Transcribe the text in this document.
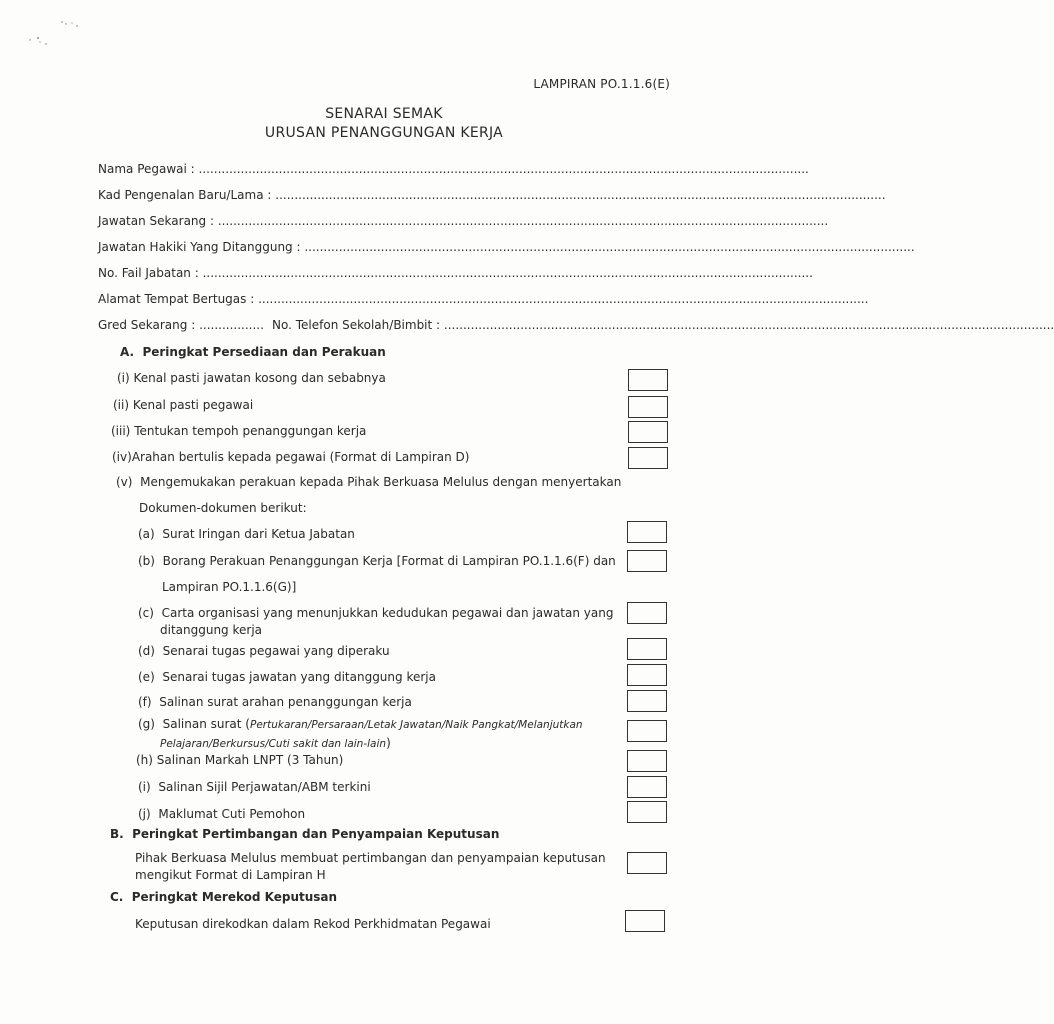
LAMPIRAN PO.1.1.6(E)
SENARAI SEMAK
URUSAN PENANGGUNGAN KERJA
Nama Pegawai : ................................................................................................................................................................
Kad Pengenalan Baru/Lama : ................................................................................................................................................................
Jawatan Sekarang : ................................................................................................................................................................
Jawatan Hakiki Yang Ditanggung : ................................................................................................................................................................
No. Fail Jabatan : ................................................................................................................................................................
Alamat Tempat Bertugas : ................................................................................................................................................................
Gred Sekarang : ................. No. Telefon Sekolah/Bimbit : ................................................................................................................................................................
A. Peringkat Persediaan dan Perakuan
(i) Kenal pasti jawatan kosong dan sebabnya
(ii) Kenal pasti pegawai
(iii) Tentukan tempoh penanggungan kerja
(iv)Arahan bertulis kepada pegawai (Format di Lampiran D)
(v) Mengemukakan perakuan kepada Pihak Berkuasa Melulus dengan menyertakan
Dokumen-dokumen berikut:
(a) Surat Iringan dari Ketua Jabatan
(b) Borang Perakuan Penanggungan Kerja [Format di Lampiran PO.1.1.6(F) dan
Lampiran PO.1.1.6(G)]
(c) Carta organisasi yang menunjukkan kedudukan pegawai dan jawatan yang
ditanggung kerja
(d) Senarai tugas pegawai yang diperaku
(e) Senarai tugas jawatan yang ditanggung kerja
(f) Salinan surat arahan penanggungan kerja
(g) Salinan surat (Pertukaran/Persaraan/Letak Jawatan/Naik Pangkat/Melanjutkan
Pelajaran/Berkursus/Cuti sakit dan lain-lain)
(h) Salinan Markah LNPT (3 Tahun)
(i) Salinan Sijil Perjawatan/ABM terkini
(j) Maklumat Cuti Pemohon
B. Peringkat Pertimbangan dan Penyampaian Keputusan
Pihak Berkuasa Melulus membuat pertimbangan dan penyampaian keputusan
mengikut Format di Lampiran H
C. Peringkat Merekod Keputusan
Keputusan direkodkan dalam Rekod Perkhidmatan Pegawai
